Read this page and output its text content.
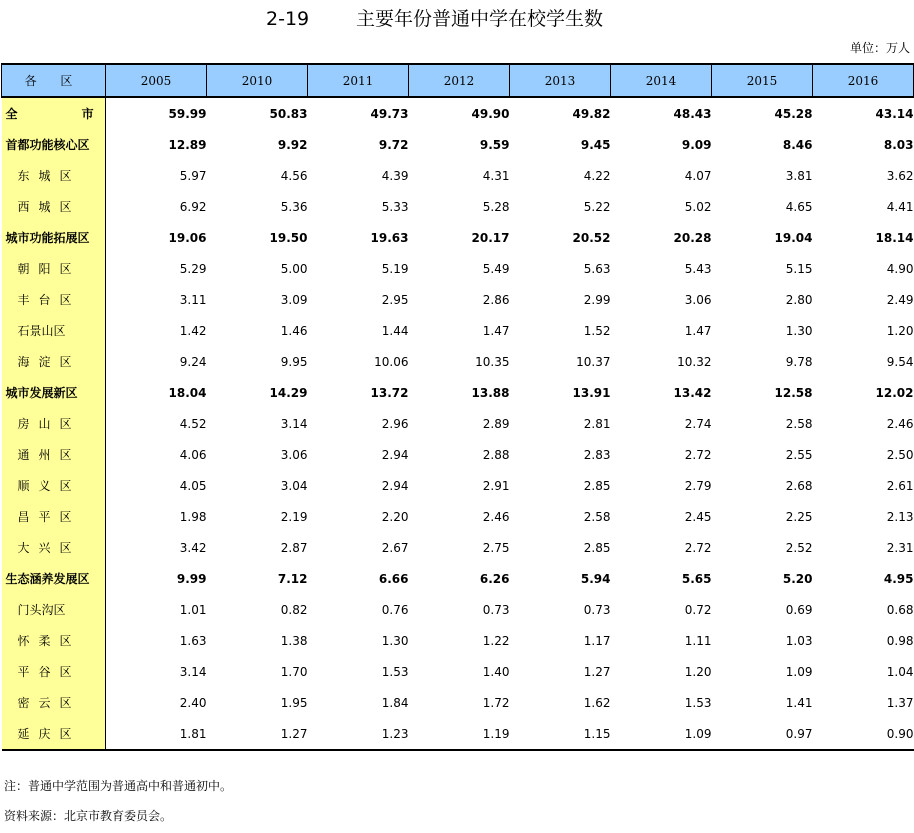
2-19 主要年份普通中学在校学生数
单位：万人
各 区	2005	2010	2011	2012	2013	2014	2015	2016
全 市	59.99	50.83	49.73	49.90	49.82	48.43	45.28	43.14
首都功能核心区	12.89	9.92	9.72	9.59	9.45	9.09	8.46	8.03
东城区	5.97	4.56	4.39	4.31	4.22	4.07	3.81	3.62
西城区	6.92	5.36	5.33	5.28	5.22	5.02	4.65	4.41
城市功能拓展区	19.06	19.50	19.63	20.17	20.52	20.28	19.04	18.14
朝阳区	5.29	5.00	5.19	5.49	5.63	5.43	5.15	4.90
丰台区	3.11	3.09	2.95	2.86	2.99	3.06	2.80	2.49
石景山区	1.42	1.46	1.44	1.47	1.52	1.47	1.30	1.20
海淀区	9.24	9.95	10.06	10.35	10.37	10.32	9.78	9.54
城市发展新区	18.04	14.29	13.72	13.88	13.91	13.42	12.58	12.02
房山区	4.52	3.14	2.96	2.89	2.81	2.74	2.58	2.46
通州区	4.06	3.06	2.94	2.88	2.83	2.72	2.55	2.50
顺义区	4.05	3.04	2.94	2.91	2.85	2.79	2.68	2.61
昌平区	1.98	2.19	2.20	2.46	2.58	2.45	2.25	2.13
大兴区	3.42	2.87	2.67	2.75	2.85	2.72	2.52	2.31
生态涵养发展区	9.99	7.12	6.66	6.26	5.94	5.65	5.20	4.95
门头沟区	1.01	0.82	0.76	0.73	0.73	0.72	0.69	0.68
怀柔区	1.63	1.38	1.30	1.22	1.17	1.11	1.03	0.98
平谷区	3.14	1.70	1.53	1.40	1.27	1.20	1.09	1.04
密云区	2.40	1.95	1.84	1.72	1.62	1.53	1.41	1.37
延庆区	1.81	1.27	1.23	1.19	1.15	1.09	0.97	0.90
注：普通中学范围为普通高中和普通初中。
资料来源：北京市教育委员会。
